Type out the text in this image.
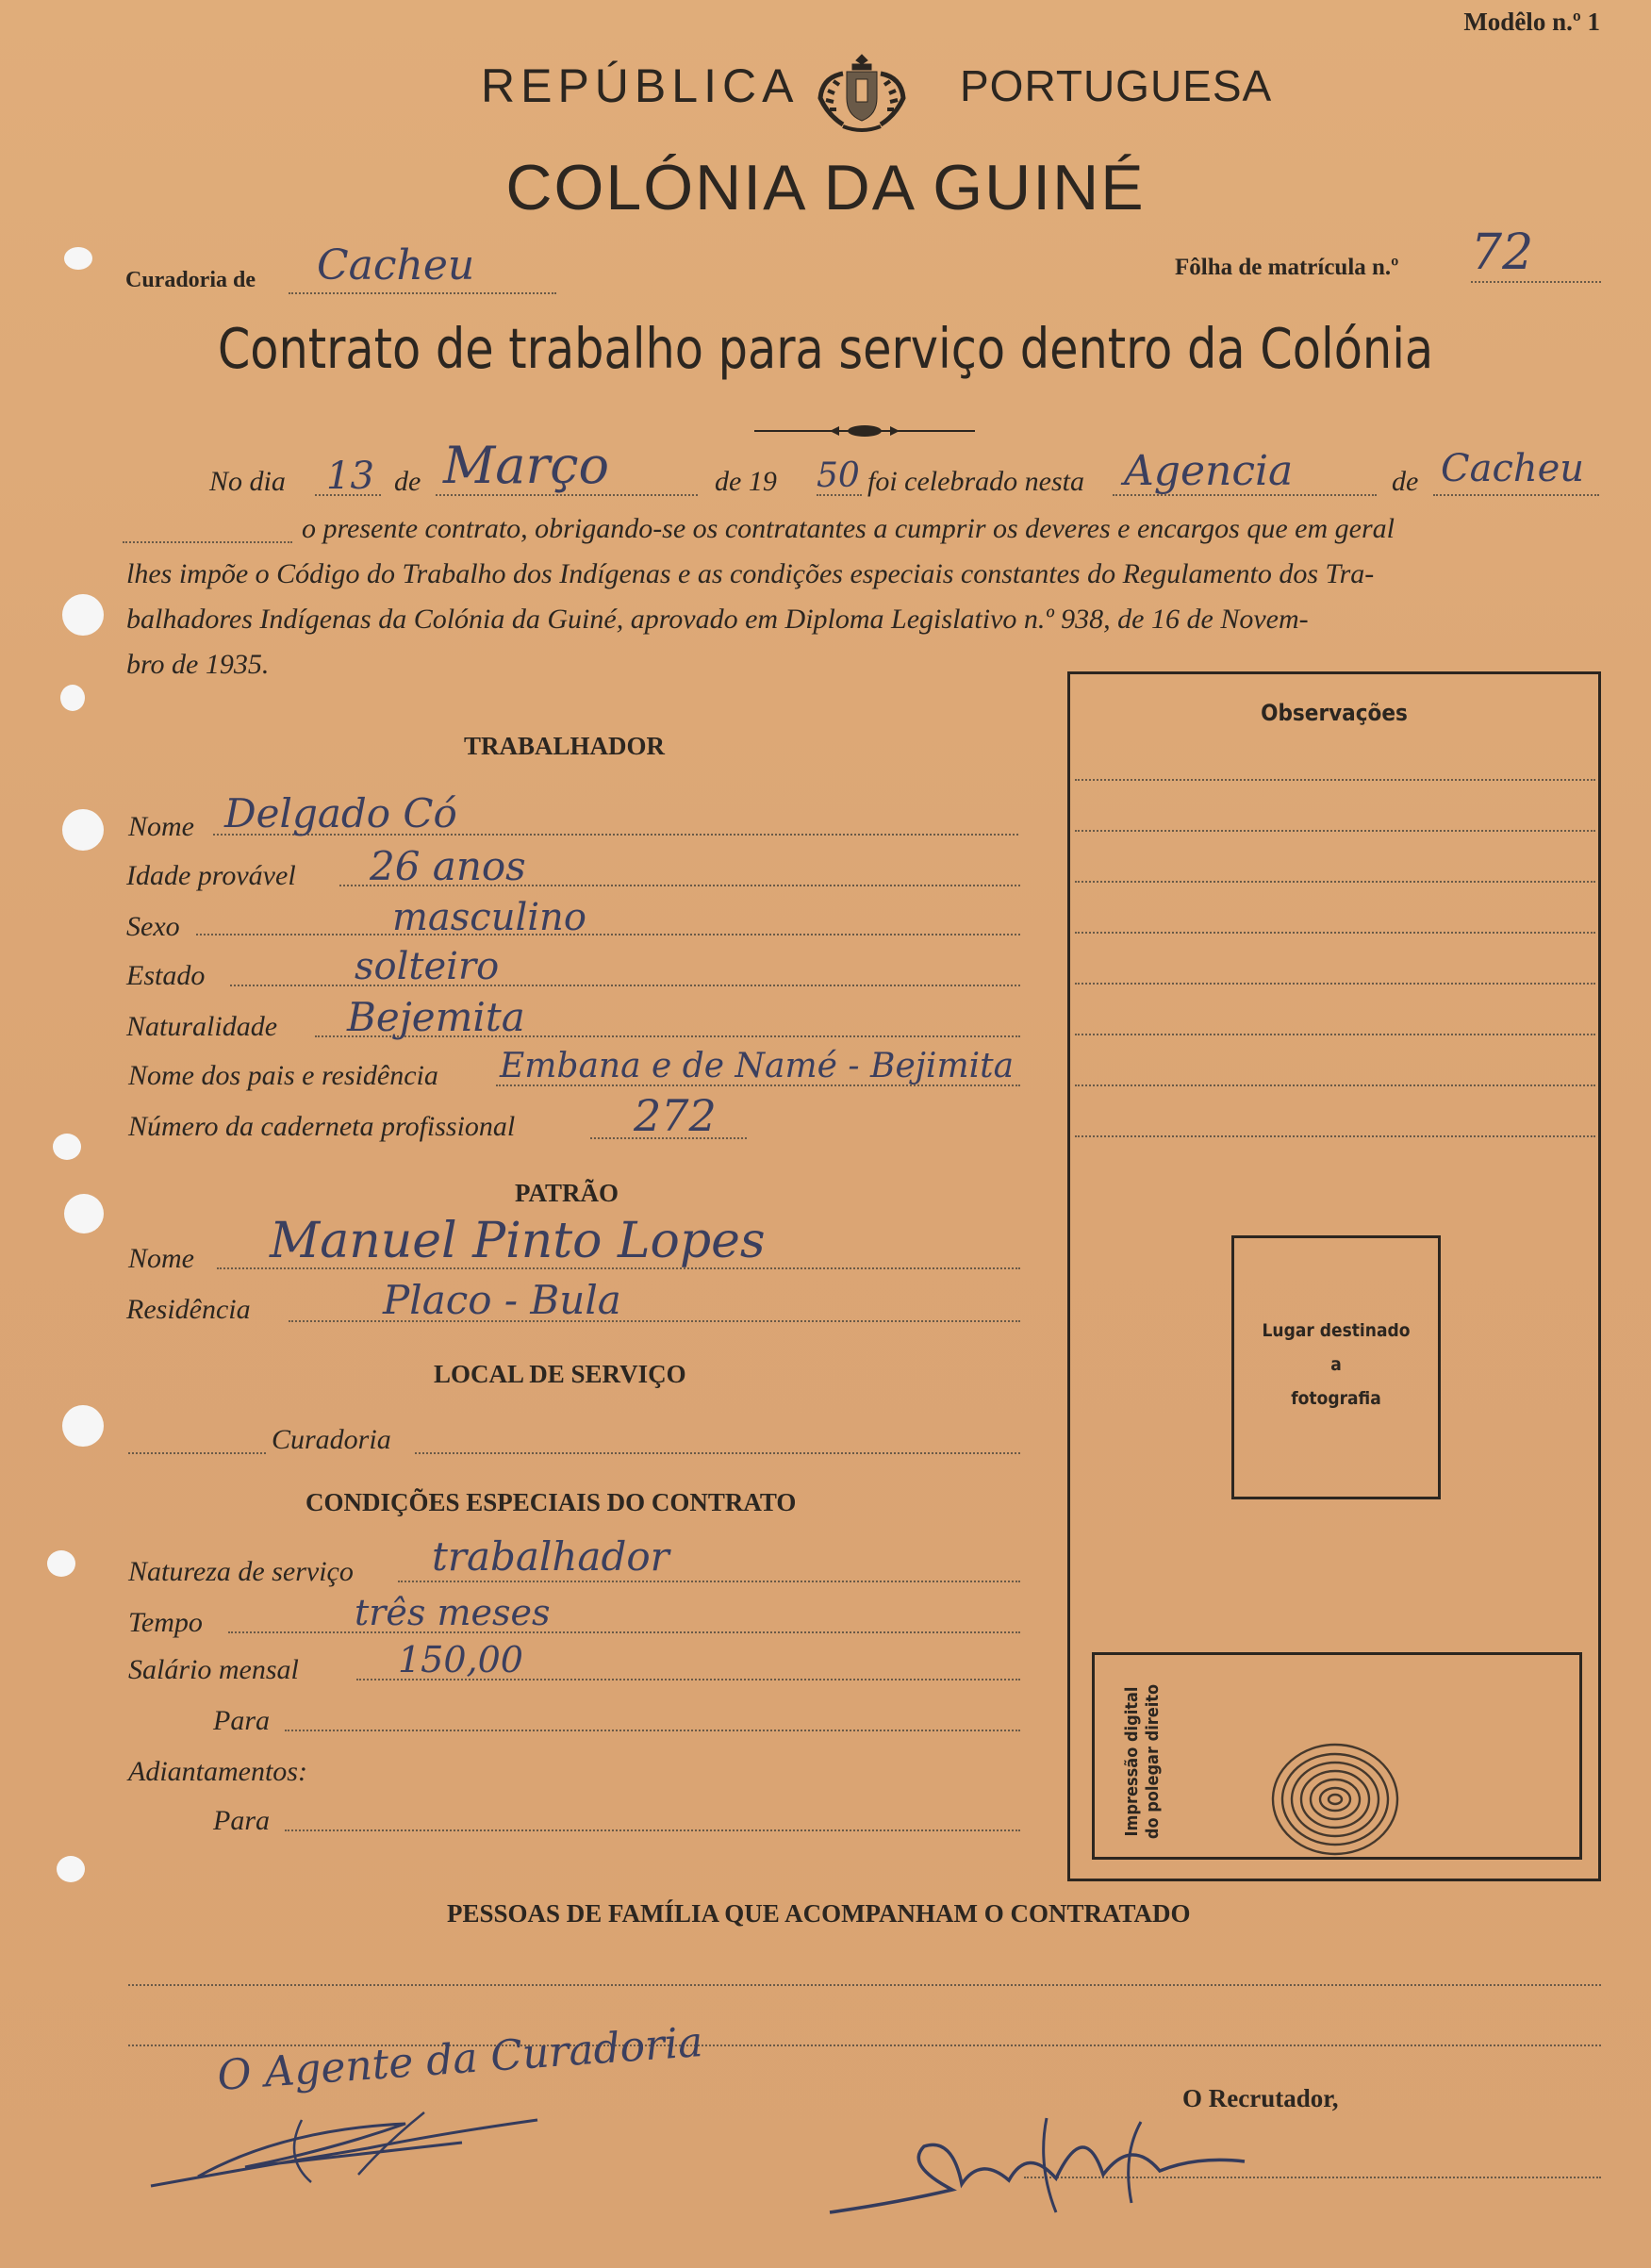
Modêlo n.º 1
REPÚBLICA	PORTUGUESA
COLÓNIA DA GUINÉ
Curadoria de Cacheu	Fôlha de matrícula n.º 72
Contrato de trabalho para serviço dentro da Colónia
No dia 13 de Março	de 19 50 foi celebrado nesta Agencia	de Cacheu
o presente contrato, obrigando-se os contratantes a cumprir os deveres e encargos que em geral
lhes impõe o Código do Trabalho dos Indígenas e as condições especiais constantes do Regulamento dos Tra-
balhadores Indígenas da Colónia da Guiné, aprovado em Diploma Legislativo n.º 938, de 16 de Novem-
bro de 1935.
Observações
Lugar destinado
a
fotografia
Impressão digital do polegar direito
TRABALHADOR
Nome Delgado Có
Idade provável 26 anos
Sexo	masculino
Estado	solteiro
Naturalidade Bejemita
Nome dos pais e residência Embana e de Namé - Bejimita
Número da caderneta profissional	272
PATRÃO
Nome Manuel Pinto Lopes
Residência	Placo - Bula
LOCAL DE SERVIÇO
Curadoria
CONDIÇÕES ESPECIAIS DO CONTRATO
Natureza de serviço trabalhador
Tempo	três meses
Salário mensal	150,00
Para
Adiantamentos:
Para
PESSOAS DE FAMÍLIA QUE ACOMPANHAM O CONTRATADO
O Agente da Curadoria	O Recrutador,
